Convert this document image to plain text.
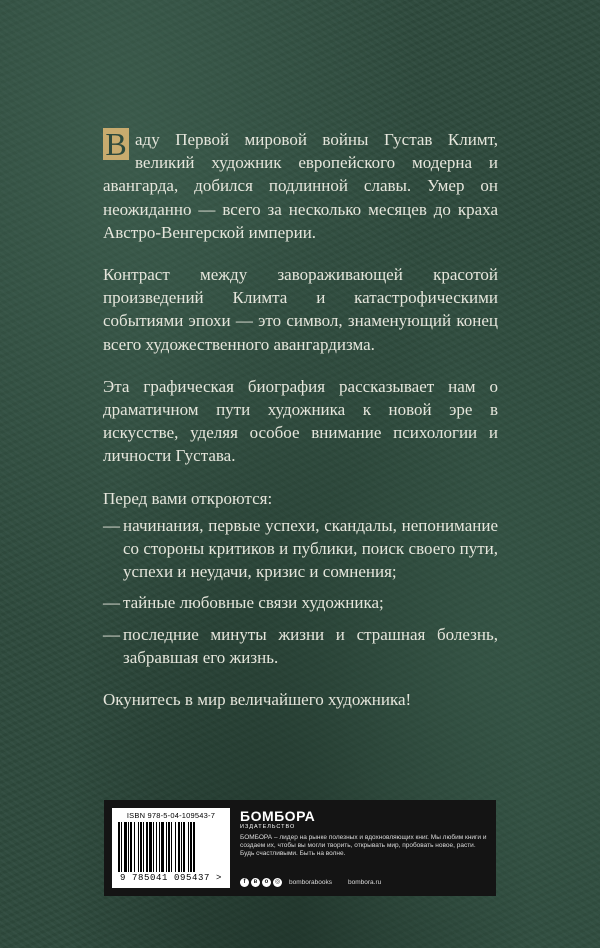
В аду Первой мировой войны Густав Климт, великий художник европейского модерна и авангарда, добился подлинной славы. Умер он неожиданно — всего за несколько месяцев до краха Австро-Венгерской империи.

Контраст между завораживающей красотой произведений Климта и катастрофическими событиями эпохи — это символ, знаменующий конец всего художественного авангардизма.

Эта графическая биография рассказывает нам о драматичном пути художника к новой эре в искусстве, уделяя особое внимание психологии и личности Густава.

Перед вами откроются:

— начинания, первые успехи, скандалы, непонимание со стороны критиков и публики, поиск своего пути, успехи и неудачи, кризис и сомнения;

— тайные любовные связи художника;

— последние минуты жизни и страшная болезнь, забравшая его жизнь.

Окунитесь в мир величайшего художника!

ISBN 978-5-04-109543-7
9 785041 095437 >
БОМБОРА
ИЗДАТЕЛЬСТВО
БОМБОРА – лидер на рынке полезных и вдохновляющих книг. Мы любим книги и создаем их, чтобы вы могли творить, открывать мир, пробовать новое, расти. Будь счастливыми. Быть на волне.
f	в	о	◎ bomborabooks bombora.ru
